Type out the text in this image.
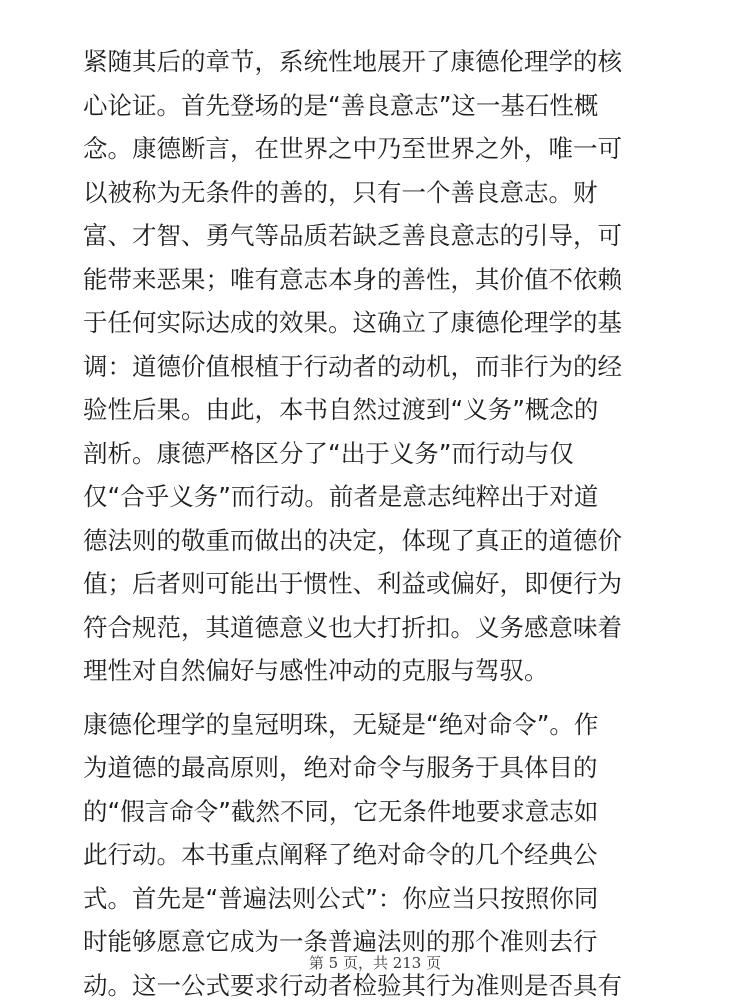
紧随其后的章节，系统性地展开了康德伦理学的核
心论证。首先登场的是“善良意志”这一基石性概
念。康德断言，在世界之中乃至世界之外，唯一可
以被称为无条件的善的，只有一个善良意志。财
富、才智、勇气等品质若缺乏善良意志的引导，可
能带来恶果；唯有意志本身的善性，其价值不依赖
于任何实际达成的效果。这确立了康德伦理学的基
调：道德价值根植于行动者的动机，而非行为的经
验性后果。由此，本书自然过渡到“义务”概念的
剖析。康德严格区分了“出于义务”而行动与仅
仅“合乎义务”而行动。前者是意志纯粹出于对道
德法则的敬重而做出的决定，体现了真正的道德价
值；后者则可能出于惯性、利益或偏好，即便行为
符合规范，其道德意义也大打折扣。义务感意味着
理性对自然偏好与感性冲动的克服与驾驭。

康德伦理学的皇冠明珠，无疑是“绝对命令”。作
为道德的最高原则，绝对命令与服务于具体目的
的“假言命令”截然不同，它无条件地要求意志如
此行动。本书重点阐释了绝对命令的几个经典公
式。首先是“普遍法则公式”：你应当只按照你同
时能够愿意它成为一条普遍法则的那个准则去行
动。这一公式要求行动者检验其行为准则是否具有

第 5 页，共 213 页
